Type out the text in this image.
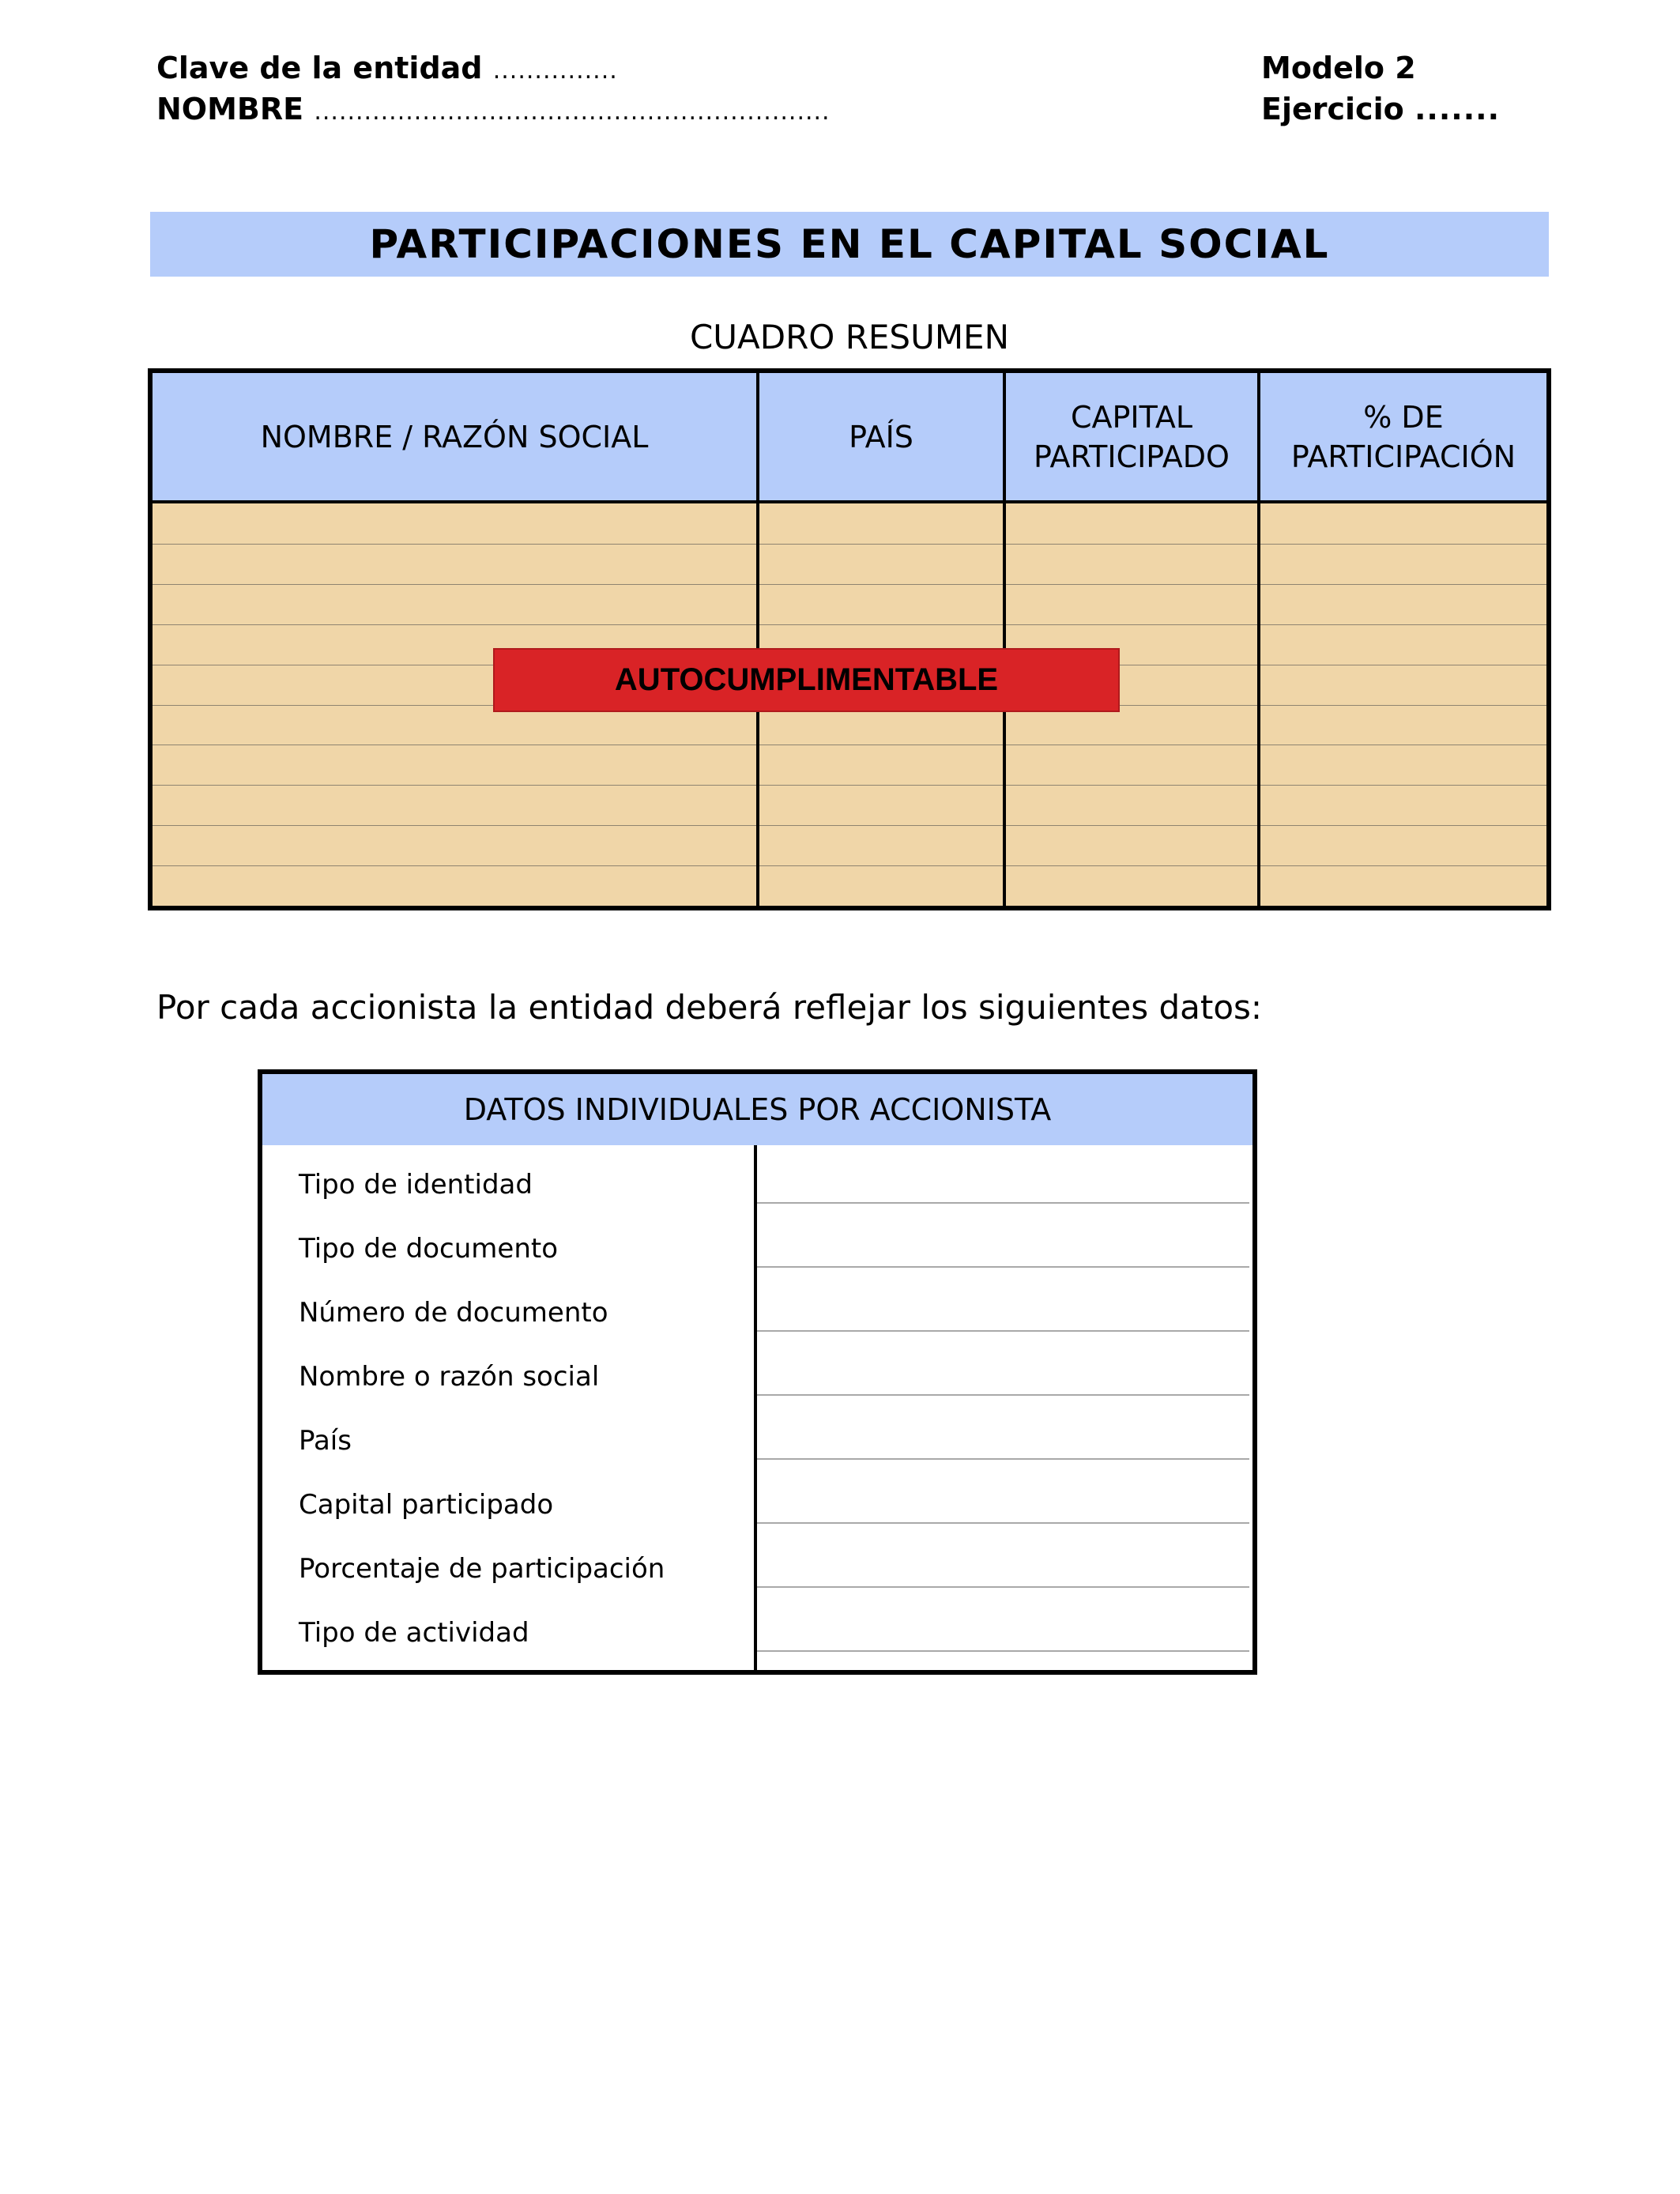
Clave de la entidad ...............
NOMBRE ..............................................................
Modelo 2
Ejercicio .......
PARTICIPACIONES EN EL CAPITAL SOCIAL
CUADRO RESUMEN
NOMBRE / RAZÓN SOCIAL	PAÍS
CAPITAL
PARTICIPADO
% DE
PARTICIPACIÓN
AUTOCUMPLIMENTABLE
Por cada accionista la entidad deberá reflejar los siguientes datos:
DATOS INDIVIDUALES POR ACCIONISTA
Tipo de identidad
Tipo de documento
Número de documento
Nombre o razón social
País
Capital participado
Porcentaje de participación
Tipo de actividad
